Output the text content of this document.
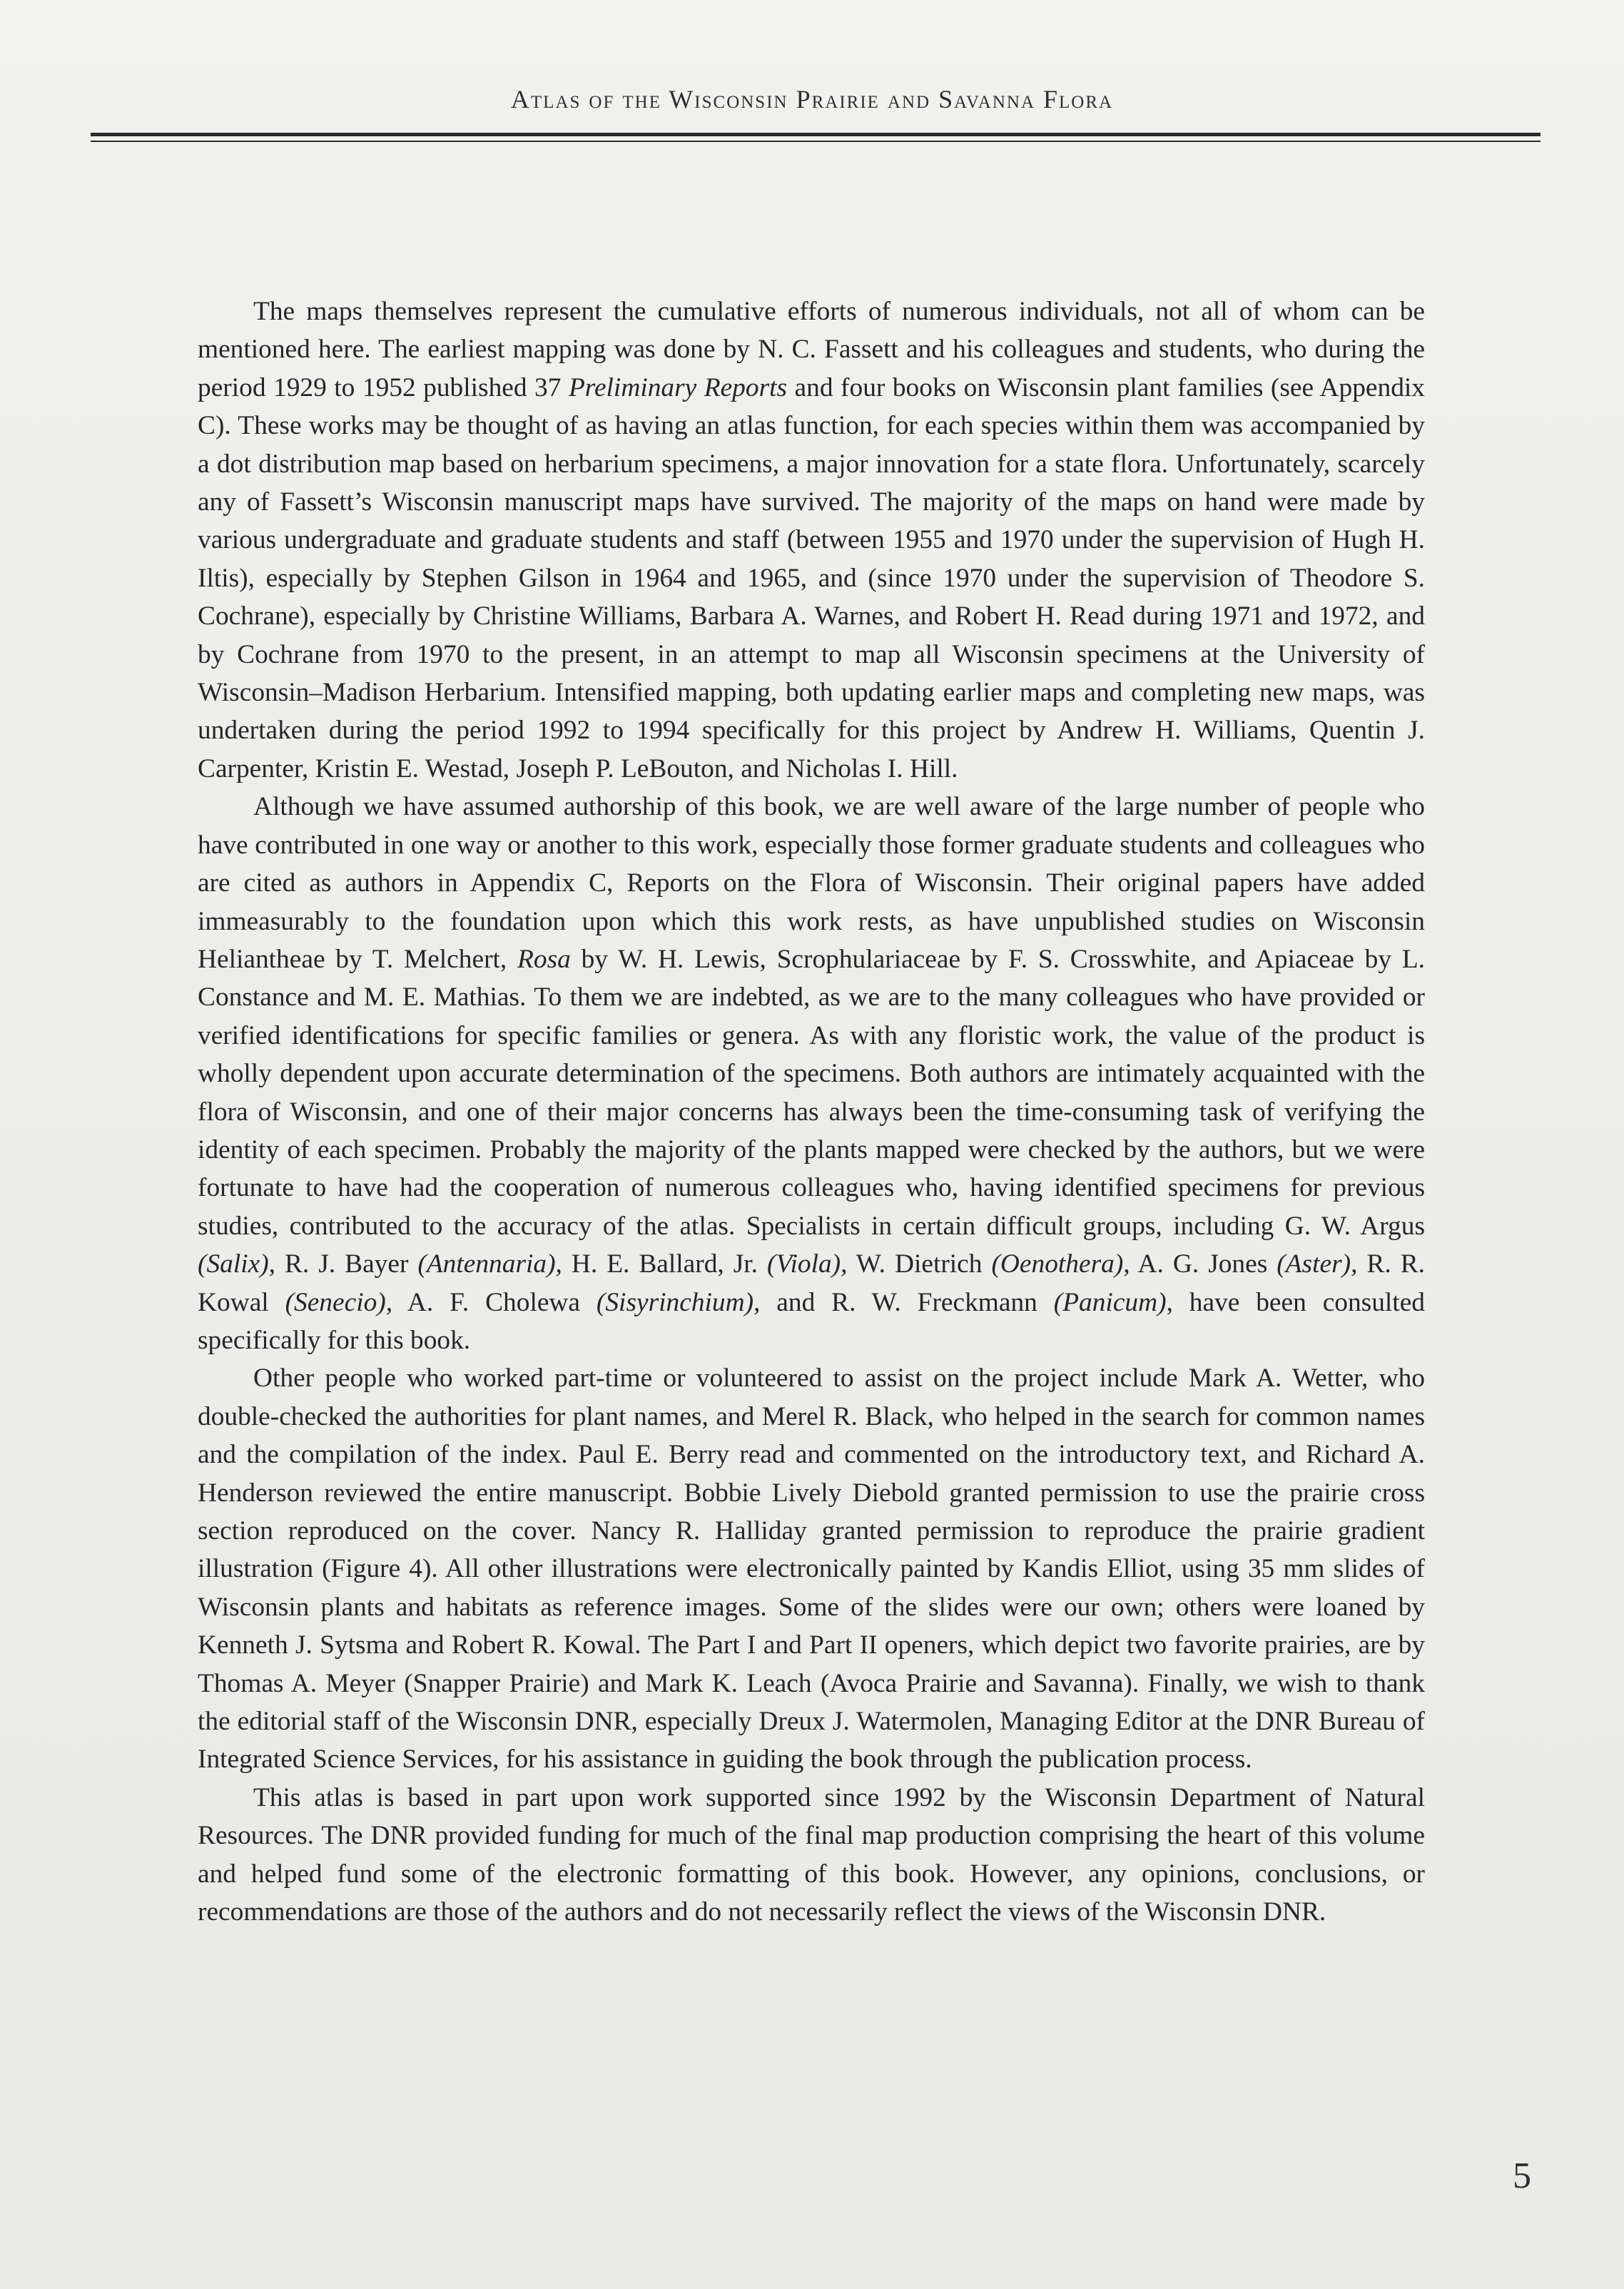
Atlas of the Wisconsin Prairie and Savanna Flora

The maps themselves represent the cumulative efforts of numerous individuals, not all of whom can be mentioned here. The earliest mapping was done by N. C. Fassett and his colleagues and students, who during the period 1929 to 1952 published 37 Preliminary Reports and four books on Wisconsin plant families (see Appendix C). These works may be thought of as having an atlas function, for each species within them was accompanied by a dot distribution map based on herbarium specimens, a major innovation for a state flora. Unfortunately, scarcely any of Fassett’s Wisconsin manuscript maps have survived. The majority of the maps on hand were made by various undergraduate and graduate students and staff (between 1955 and 1970 under the supervision of Hugh H. Iltis), especially by Stephen Gilson in 1964 and 1965, and (since 1970 under the supervision of Theodore S. Cochrane), especially by Christine Williams, Barbara A. Warnes, and Robert H. Read during 1971 and 1972, and by Cochrane from 1970 to the present, in an attempt to map all Wisconsin specimens at the University of Wisconsin–Madison Herbarium. Intensified mapping, both updating earlier maps and completing new maps, was undertaken during the period 1992 to 1994 specifically for this project by Andrew H. Williams, Quentin J. Carpenter, Kristin E. Westad, Joseph P. LeBouton, and Nicholas I. Hill.

Although we have assumed authorship of this book, we are well aware of the large number of people who have contributed in one way or another to this work, especially those former graduate students and colleagues who are cited as authors in Appendix C, Reports on the Flora of Wisconsin. Their original papers have added immeasurably to the foundation upon which this work rests, as have unpublished studies on Wisconsin Heliantheae by T. Melchert, Rosa by W. H. Lewis, Scrophulariaceae by F. S. Crosswhite, and Apiaceae by L. Constance and M. E. Mathias. To them we are indebted, as we are to the many colleagues who have provided or verified identifications for specific families or genera. As with any floristic work, the value of the product is wholly dependent upon accurate determination of the specimens. Both authors are intimately acquainted with the flora of Wisconsin, and one of their major concerns has always been the time-consuming task of verifying the identity of each specimen. Probably the majority of the plants mapped were checked by the authors, but we were fortunate to have had the cooperation of numerous colleagues who, having identified specimens for previous studies, contributed to the accuracy of the atlas. Specialists in certain difficult groups, including G. W. Argus (Salix), R. J. Bayer (Antennaria), H. E. Ballard, Jr. (Viola), W. Dietrich (Oenothera), A. G. Jones (Aster), R. R. Kowal (Senecio), A. F. Cholewa (Sisyrinchium), and R. W. Freckmann (Panicum), have been consulted specifically for this book.

Other people who worked part-time or volunteered to assist on the project include Mark A. Wetter, who double-checked the authorities for plant names, and Merel R. Black, who helped in the search for common names and the compilation of the index. Paul E. Berry read and commented on the introductory text, and Richard A. Henderson reviewed the entire manuscript. Bobbie Lively Diebold granted permission to use the prairie cross section reproduced on the cover. Nancy R. Halliday granted permission to reproduce the prairie gradient illustration (Figure 4). All other illustrations were electronically painted by Kandis Elliot, using 35 mm slides of Wisconsin plants and habitats as reference images. Some of the slides were our own; others were loaned by Kenneth J. Sytsma and Robert R. Kowal. The Part I and Part II openers, which depict two favorite prairies, are by Thomas A. Meyer (Snapper Prairie) and Mark K. Leach (Avoca Prairie and Savanna). Finally, we wish to thank the editorial staff of the Wisconsin DNR, especially Dreux J. Watermolen, Managing Editor at the DNR Bureau of Integrated Science Services, for his assistance in guiding the book through the publication process.

This atlas is based in part upon work supported since 1992 by the Wisconsin Department of Natural Resources. The DNR provided funding for much of the final map production comprising the heart of this volume and helped fund some of the electronic formatting of this book. However, any opinions, conclusions, or recommendations are those of the authors and do not necessarily reflect the views of the Wisconsin DNR.

5
